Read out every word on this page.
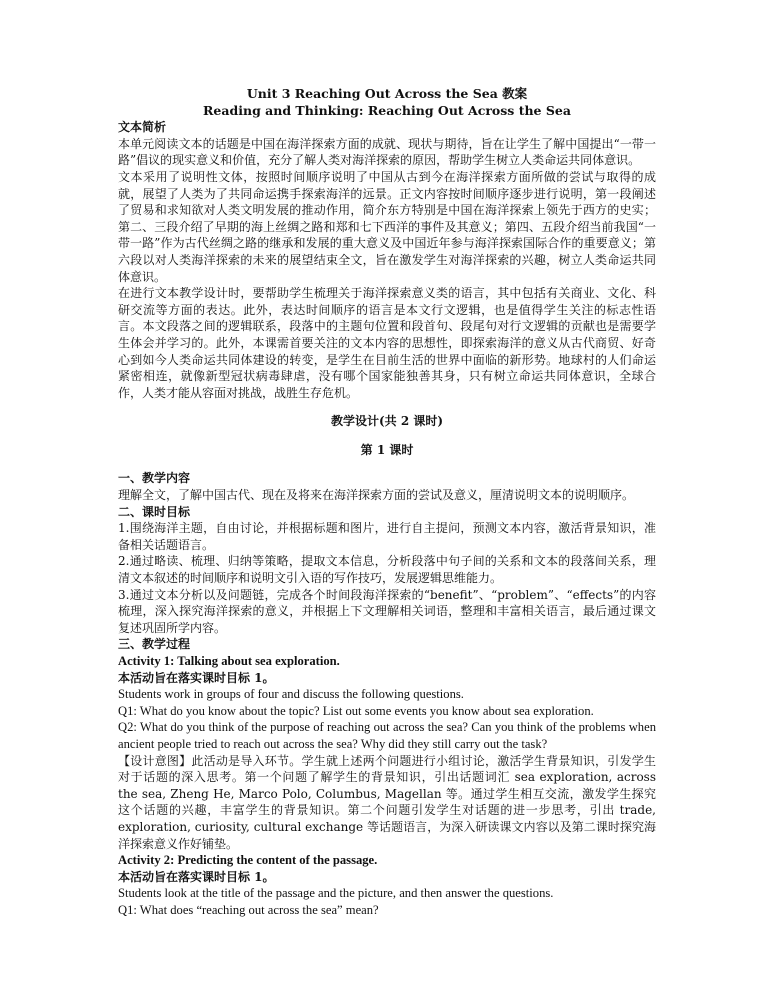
Unit 3 Reaching Out Across the Sea 教案

Reading and Thinking: Reaching Out Across the Sea

文本简析

本单元阅读文本的话题是中国在海洋探索方面的成就、现状与期待，旨在让学生了解中国提出“一带一路”倡议的现实意义和价值，充分了解人类对海洋探索的原因，帮助学生树立人类命运共同体意识。

文本采用了说明性文体，按照时间顺序说明了中国从古到今在海洋探索方面所做的尝试与取得的成就，展望了人类为了共同命运携手探索海洋的远景。正文内容按时间顺序逐步进行说明，第一段阐述了贸易和求知欲对人类文明发展的推动作用，简介东方特别是中国在海洋探索上领先于西方的史实；第二、三段介绍了早期的海上丝绸之路和郑和七下西洋的事件及其意义；第四、五段介绍当前我国“一带一路”作为古代丝绸之路的继承和发展的重大意义及中国近年参与海洋探索国际合作的重要意义；第六段以对人类海洋探索的未来的展望结束全文，旨在激发学生对海洋探索的兴趣，树立人类命运共同体意识。

在进行文本教学设计时，要帮助学生梳理关于海洋探索意义类的语言，其中包括有关商业、文化、科研交流等方面的表达。此外，表达时间顺序的语言是本文行文逻辑，也是值得学生关注的标志性语言。本文段落之间的逻辑联系，段落中的主题句位置和段首句、段尾句对行文逻辑的贡献也是需要学生体会并学习的。此外，本课需首要关注的文本内容的思想性，即探索海洋的意义从古代商贸、好奇心到如今人类命运共同体建设的转变，是学生在目前生活的世界中面临的新形势。地球村的人们命运紧密相连，就像新型冠状病毒肆虐，没有哪个国家能独善其身，只有树立命运共同体意识，全球合作，人类才能从容面对挑战，战胜生存危机。

教学设计(共 2 课时)

第 1 课时

一、教学内容

理解全文，了解中国古代、现在及将来在海洋探索方面的尝试及意义，厘清说明文本的说明顺序。

二、课时目标

1.围绕海洋主题，自由讨论，并根据标题和图片，进行自主提问，预测文本内容，激活背景知识，准备相关话题语言。

2.通过略读、梳理、归纳等策略，提取文本信息，分析段落中句子间的关系和文本的段落间关系，理清文本叙述的时间顺序和说明文引入语的写作技巧，发展逻辑思维能力。

3.通过文本分析以及问题链，完成各个时间段海洋探索的“benefit”、“problem”、“effects”的内容梳理，深入探究海洋探索的意义，并根据上下文理解相关词语，整理和丰富相关语言，最后通过课文复述巩固所学内容。

三、教学过程

Activity 1: Talking about sea exploration.

本活动旨在落实课时目标 1。

Students work in groups of four and discuss the following questions.

Q1: What do you know about the topic? List out some events you know about sea exploration.

Q2: What do you think of the purpose of reaching out across the sea? Can you think of the problems when ancient people tried to reach out across the sea? Why did they still carry out the task?

【设计意图】此活动是导入环节。学生就上述两个问题进行小组讨论，激活学生背景知识，引发学生对于话题的深入思考。第一个问题了解学生的背景知识，引出话题词汇 sea exploration, across the sea, Zheng He, Marco Polo, Columbus, Magellan 等。通过学生相互交流，激发学生探究这个话题的兴趣，丰富学生的背景知识。第二个问题引发学生对话题的进一步思考，引出 trade, exploration, curiosity, cultural exchange 等话题语言，为深入研读课文内容以及第二课时探究海洋探索意义作好铺垫。

Activity 2: Predicting the content of the passage.

本活动旨在落实课时目标 1。

Students look at the title of the passage and the picture, and then answer the questions.

Q1: What does “reaching out across the sea” mean?
